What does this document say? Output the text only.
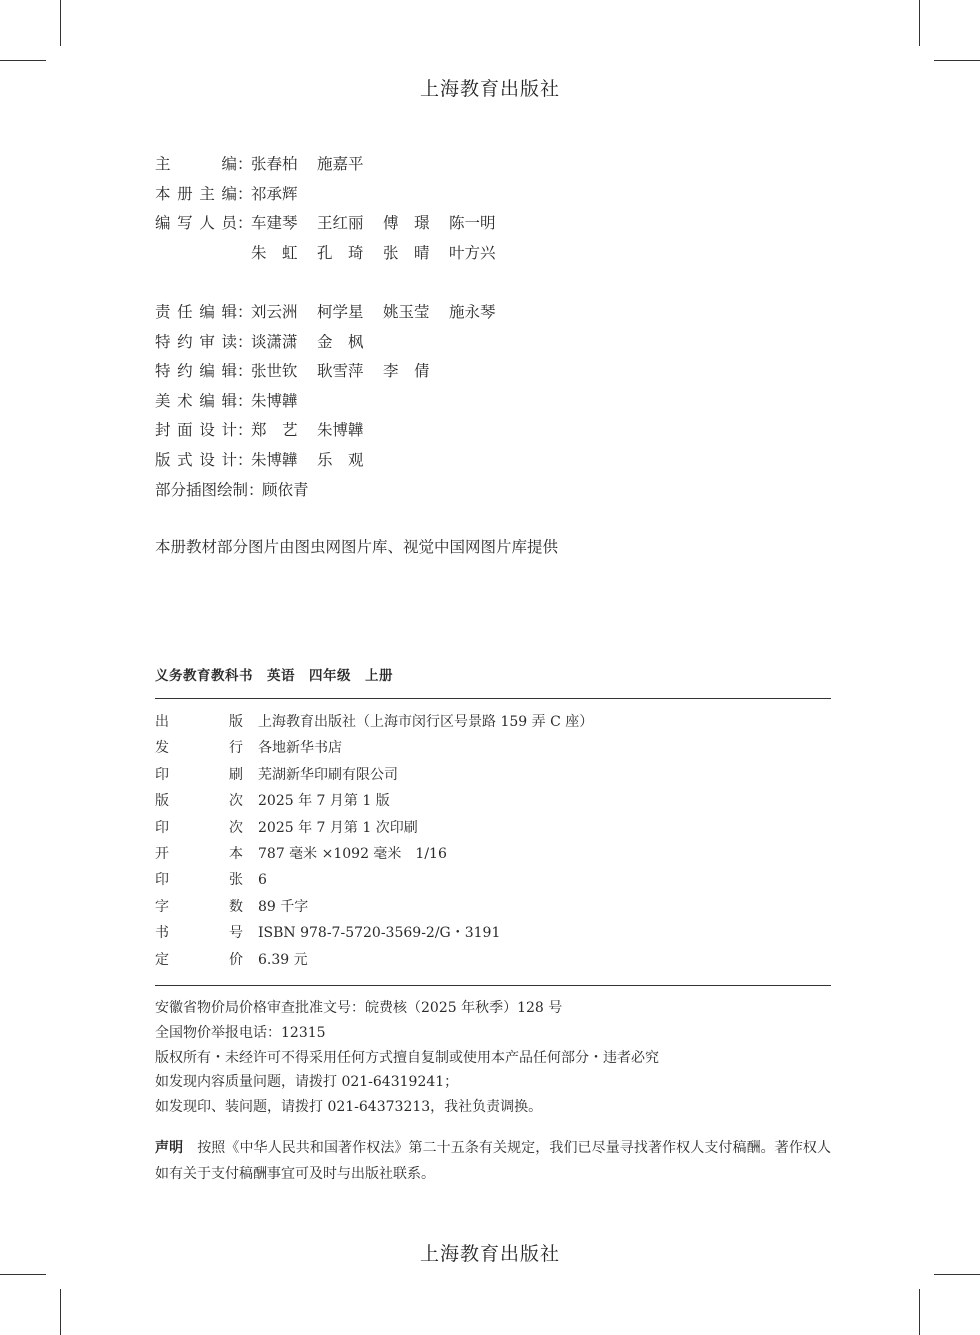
上海教育出版社
主编 ：
张春柏	施嘉平
本册主编 ：
祁承辉
编写人员 ：
车建琴	王红丽	傅　璟	陈一明
朱　虹	孔　琦	张　晴	叶方兴
责任编辑 ：
刘云洲	柯学星	姚玉莹	施永琴
特约审读 ：
谈潇潇	金　枫
特约编辑 ：
张世钦	耿雪萍	李　倩
美术编辑 ：
朱博韡
封面设计 ：
郑　艺	朱博韡
版式设计 ：
朱博韡	乐　观
部分插图绘制 ：
顾依青
本册教材部分图片由图虫网图片库、视觉中国网图片库提供
义务教育教科书 英语 四年级 上册
出版 上海教育出版社（上海市闵行区号景路 159 弄 C 座）
发行 各地新华书店
印刷 芜湖新华印刷有限公司
版次 2025 年 7 月第 1 版
印次 2025 年 7 月第 1 次印刷
开本 787 毫米 ×1092 毫米　1/16
印张 6
字数 89 千字
书号 ISBN 978-7-5720-3569-2/G・3191
定价 6.39 元
安徽省物价局价格审查批准文号：皖费核（2025 年秋季）128 号
全国物价举报电话：12315
版权所有・未经许可不得采用任何方式擅自复制或使用本产品任何部分・违者必究
如发现内容质量问题，请拨打 021-64319241；
如发现印、装问题，请拨打 021-64373213，我社负责调换。
声明 按照《中华人民共和国著作权法》第二十五条有关规定，我们已尽量寻找著作权人支付稿酬。著作权人如有关于支付稿酬事宜可及时与出版社联系。
上海教育出版社
